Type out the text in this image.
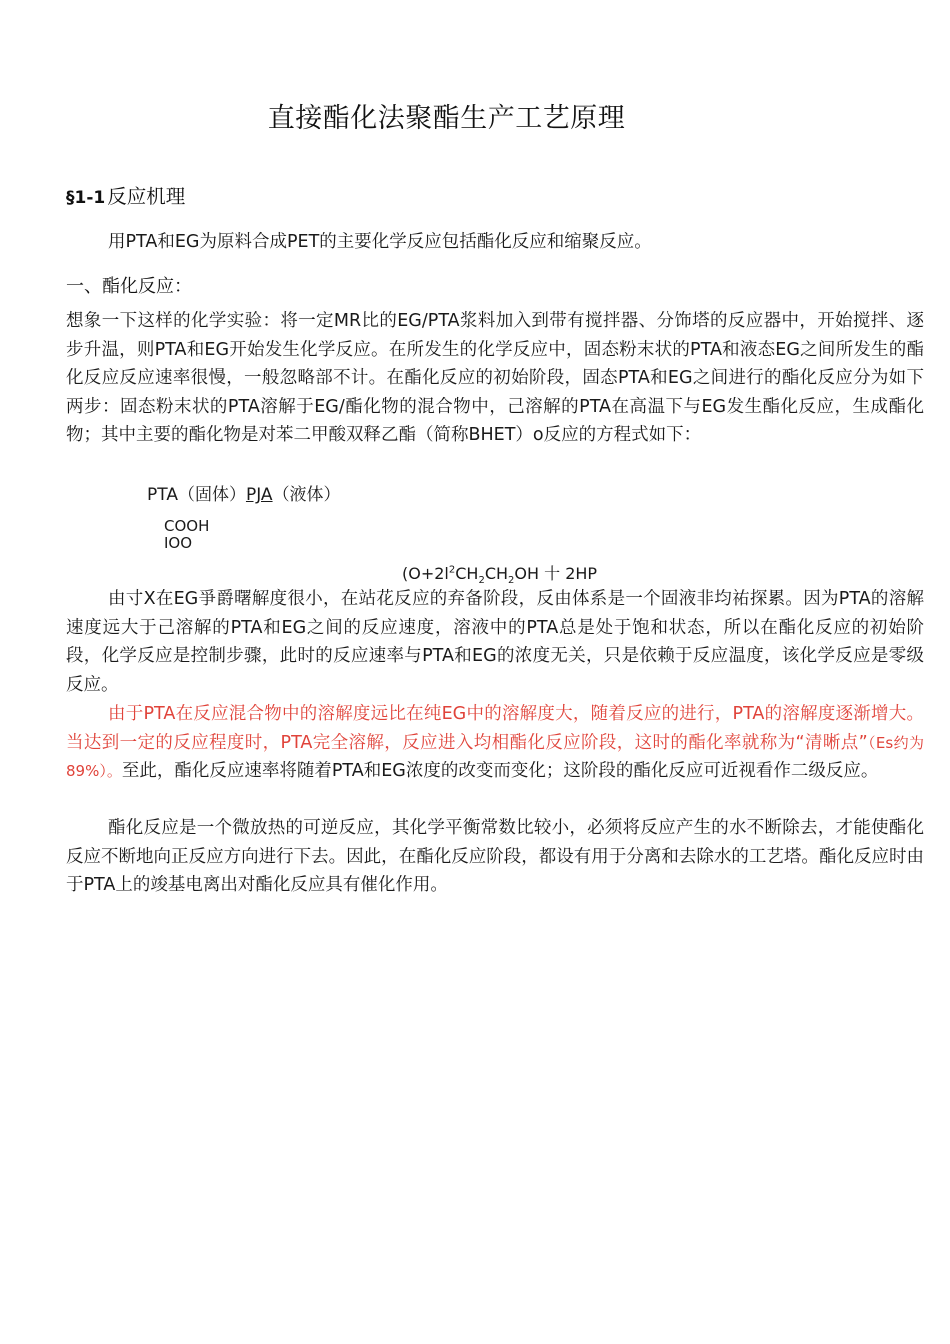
直接酯化法聚酯生产工艺原理
§1-1 反应机理
用PTA和EG为原料合成PET的主要化学反应包括酯化反应和缩聚反应。
一、酯化反应：
想象一下这样的化学实验：将一定MR比的EG/PTA浆料加入到带有搅拌器、分饰塔的反应器中，开始搅拌、逐步升温，则PTA和EG开始发生化学反应。在所发生的化学反应中，固态粉末状的PTA和液态EG之间所发生的酯化反应反应速率很慢，一般忽略部不计。在酯化反应的初始阶段，固态PTA和EG之间进行的酯化反应分为如下两步：固态粉末状的PTA溶解于EG/酯化物的混合物中，己溶解的PTA在高温下与EG发生酯化反应，生成酯化物；其中主要的酯化物是对苯二甲酸双释乙酯（简称BHET）o反应的方程式如下：
PTA（固体）PJA（液体）
COOH
IOO
($O+2l^2CH_2CH_2OH$ 十 2HP
由寸X在EG爭爵曙解度很小，在站花反应的弃备阶段，反由体系是一个固液非均祐探累。因为PTA的溶解速度远大于己溶解的PTA和EG之间的反应速度，溶液中的PTA总是处于饱和状态，所以在酯化反应的初始阶段，化学反应是控制步骤，此时的反应速率与PTA和EG的浓度无关，只是依赖于反应温度，该化学反应是零级反应。
由于PTA在反应混合物中的溶解度远比在纯EG中的溶解度大，随着反应的进行，PTA的溶解度逐渐增大。当达到一定的反应程度时，PTA完全溶解，反应进入均相酯化反应阶段，这时的酯化率就称为“清晰点”（Es约为89%）。至此，酯化反应速率将随着PTA和EG浓度的改变而变化；这阶段的酯化反应可近视看作二级反应。
酯化反应是一个微放热的可逆反应，其化学平衡常数比较小，必须将反应产生的水不断除去，才能使酯化反应不断地向正反应方向进行下去。因此，在酯化反应阶段，都设有用于分离和去除水的工艺塔。酯化反应时由于PTA上的竣基电离出对酯化反应具有催化作用。
